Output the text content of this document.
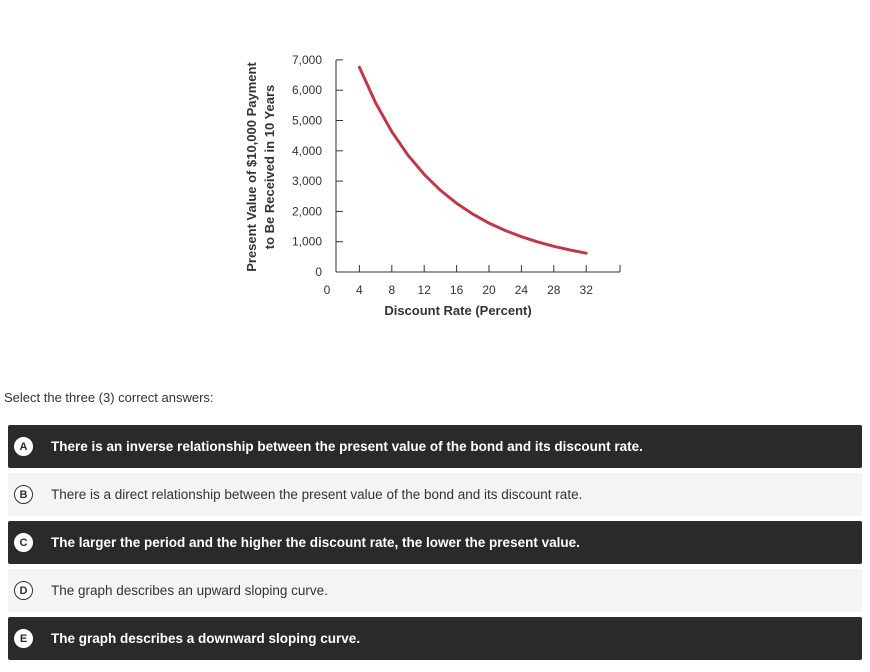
0
1,000
2,000
3,000
4,000
5,000
6,000
7,000
0 4 8 12 16 20 24 28 32
Discount Rate (Percent)
Present Value of $10,000 Payment to Be Received in 10 Years
Select the three (3) correct answers:
A	There is an inverse relationship between the present value of the bond and its discount rate.
B	There is a direct relationship between the present value of the bond and its discount rate.
C	The larger the period and the higher the discount rate, the lower the present value.
D	The graph describes an upward sloping curve.
E	The graph describes a downward sloping curve.
